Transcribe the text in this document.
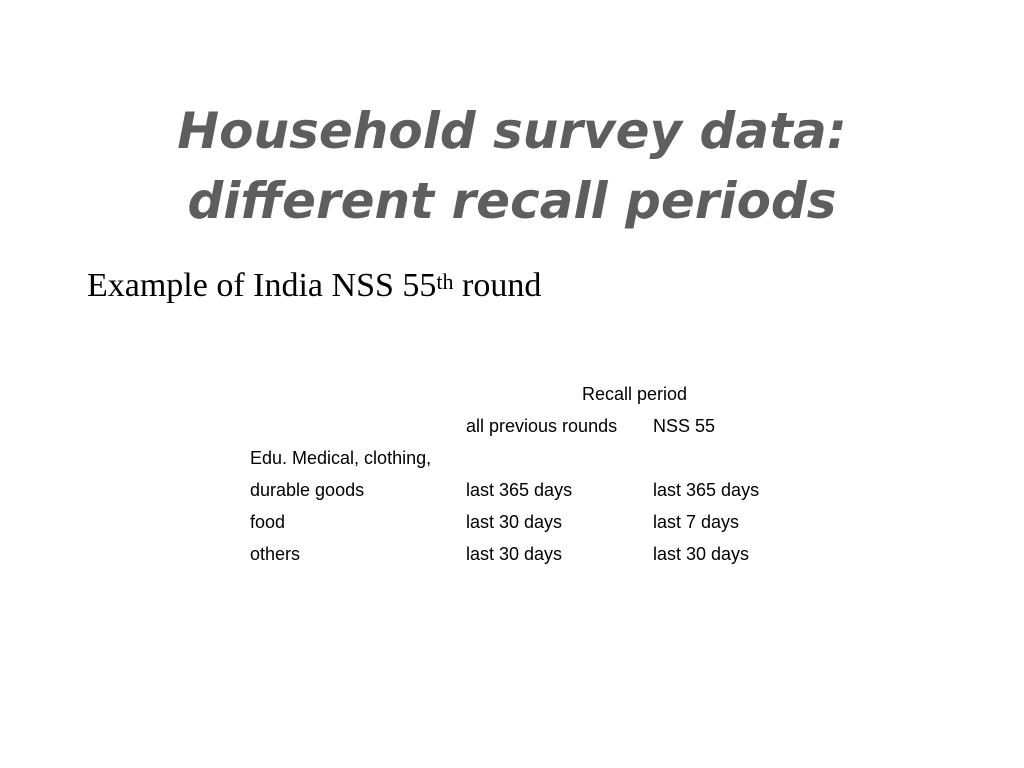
Household survey data:
different recall periods

Example of India NSS 55th round

	Recall period	
	all previous rounds	NSS 55
Edu. Medical, clothing,		
durable goods	last 365 days	last 365 days
food	last 30 days	last 7 days
others	last 30 days	last 30 days
